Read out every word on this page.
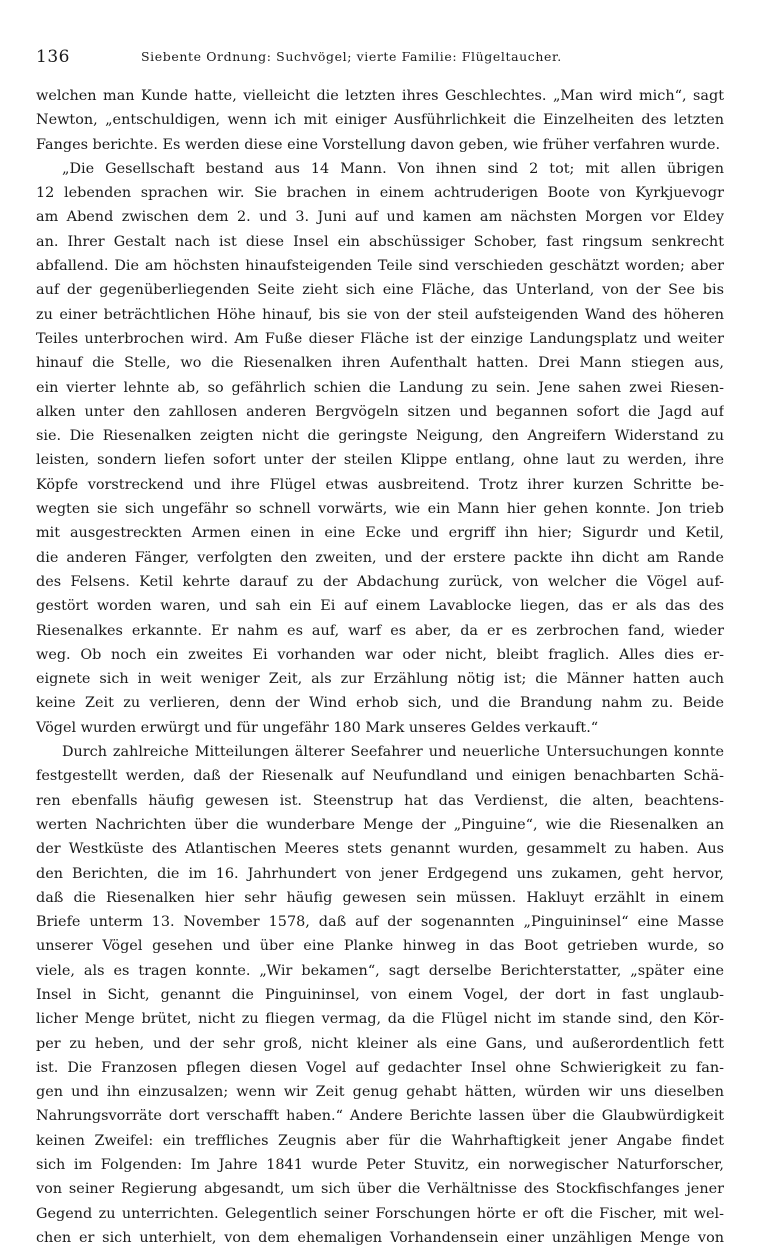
136	Siebente Ordnung: Suchvögel; vierte Familie: Flügeltaucher.
welchen man Kunde hatte, vielleicht die letzten ihres Geschlechtes. „Man wird mich“, sagt
Newton, „entschuldigen, wenn ich mit einiger Ausführlichkeit die Einzelheiten des letzten
Fanges berichte. Es werden diese eine Vorstellung davon geben, wie früher verfahren wurde.
„Die Gesellschaft bestand aus 14 Mann. Von ihnen sind 2 tot; mit allen übrigen
12 lebenden sprachen wir. Sie brachen in einem achtruderigen Boote von Kyrkjuevogr
am Abend zwischen dem 2. und 3. Juni auf und kamen am nächsten Morgen vor Eldey
an. Ihrer Gestalt nach ist diese Insel ein abschüssiger Schober, fast ringsum senkrecht
abfallend. Die am höchsten hinaufsteigenden Teile sind verschieden geschätzt worden; aber
auf der gegenüberliegenden Seite zieht sich eine Fläche, das Unterland, von der See bis
zu einer beträchtlichen Höhe hinauf, bis sie von der steil aufsteigenden Wand des höheren
Teiles unterbrochen wird. Am Fuße dieser Fläche ist der einzige Landungsplatz und weiter
hinauf die Stelle, wo die Riesenalken ihren Aufenthalt hatten. Drei Mann stiegen aus,
ein vierter lehnte ab, so gefährlich schien die Landung zu sein. Jene sahen zwei Riesen-
alken unter den zahllosen anderen Bergvögeln sitzen und begannen sofort die Jagd auf
sie. Die Riesenalken zeigten nicht die geringste Neigung, den Angreifern Widerstand zu
leisten, sondern liefen sofort unter der steilen Klippe entlang, ohne laut zu werden, ihre
Köpfe vorstreckend und ihre Flügel etwas ausbreitend. Trotz ihrer kurzen Schritte be-
wegten sie sich ungefähr so schnell vorwärts, wie ein Mann hier gehen konnte. Jon trieb
mit ausgestreckten Armen einen in eine Ecke und ergriff ihn hier; Sigurdr und Ketil,
die anderen Fänger, verfolgten den zweiten, und der erstere packte ihn dicht am Rande
des Felsens. Ketil kehrte darauf zu der Abdachung zurück, von welcher die Vögel auf-
gestört worden waren, und sah ein Ei auf einem Lavablocke liegen, das er als das des
Riesenalkes erkannte. Er nahm es auf, warf es aber, da er es zerbrochen fand, wieder
weg. Ob noch ein zweites Ei vorhanden war oder nicht, bleibt fraglich. Alles dies er-
eignete sich in weit weniger Zeit, als zur Erzählung nötig ist; die Männer hatten auch
keine Zeit zu verlieren, denn der Wind erhob sich, und die Brandung nahm zu. Beide
Vögel wurden erwürgt und für ungefähr 180 Mark unseres Geldes verkauft.“
Durch zahlreiche Mitteilungen älterer Seefahrer und neuerliche Untersuchungen konnte
festgestellt werden, daß der Riesenalk auf Neufundland und einigen benachbarten Schä-
ren ebenfalls häufig gewesen ist. Steenstrup hat das Verdienst, die alten, beachtens-
werten Nachrichten über die wunderbare Menge der „Pinguine“, wie die Riesenalken an
der Westküste des Atlantischen Meeres stets genannt wurden, gesammelt zu haben. Aus
den Berichten, die im 16. Jahrhundert von jener Erdgegend uns zukamen, geht hervor,
daß die Riesenalken hier sehr häufig gewesen sein müssen. Hakluyt erzählt in einem
Briefe unterm 13. November 1578, daß auf der sogenannten „Pinguininsel“ eine Masse
unserer Vögel gesehen und über eine Planke hinweg in das Boot getrieben wurde, so
viele, als es tragen konnte. „Wir bekamen“, sagt derselbe Berichterstatter, „später eine
Insel in Sicht, genannt die Pinguininsel, von einem Vogel, der dort in fast unglaub-
licher Menge brütet, nicht zu fliegen vermag, da die Flügel nicht im stande sind, den Kör-
per zu heben, und der sehr groß, nicht kleiner als eine Gans, und außerordentlich fett
ist. Die Franzosen pflegen diesen Vogel auf gedachter Insel ohne Schwierigkeit zu fan-
gen und ihn einzusalzen; wenn wir Zeit genug gehabt hätten, würden wir uns dieselben
Nahrungsvorräte dort verschafft haben.“ Andere Berichte lassen über die Glaubwürdigkeit
keinen Zweifel: ein treffliches Zeugnis aber für die Wahrhaftigkeit jener Angabe findet
sich im Folgenden: Im Jahre 1841 wurde Peter Stuvitz, ein norwegischer Naturforscher,
von seiner Regierung abgesandt, um sich über die Verhältnisse des Stockfischfanges jener
Gegend zu unterrichten. Gelegentlich seiner Forschungen hörte er oft die Fischer, mit wel-
chen er sich unterhielt, von dem ehemaligen Vorhandensein einer unzähligen Menge von
